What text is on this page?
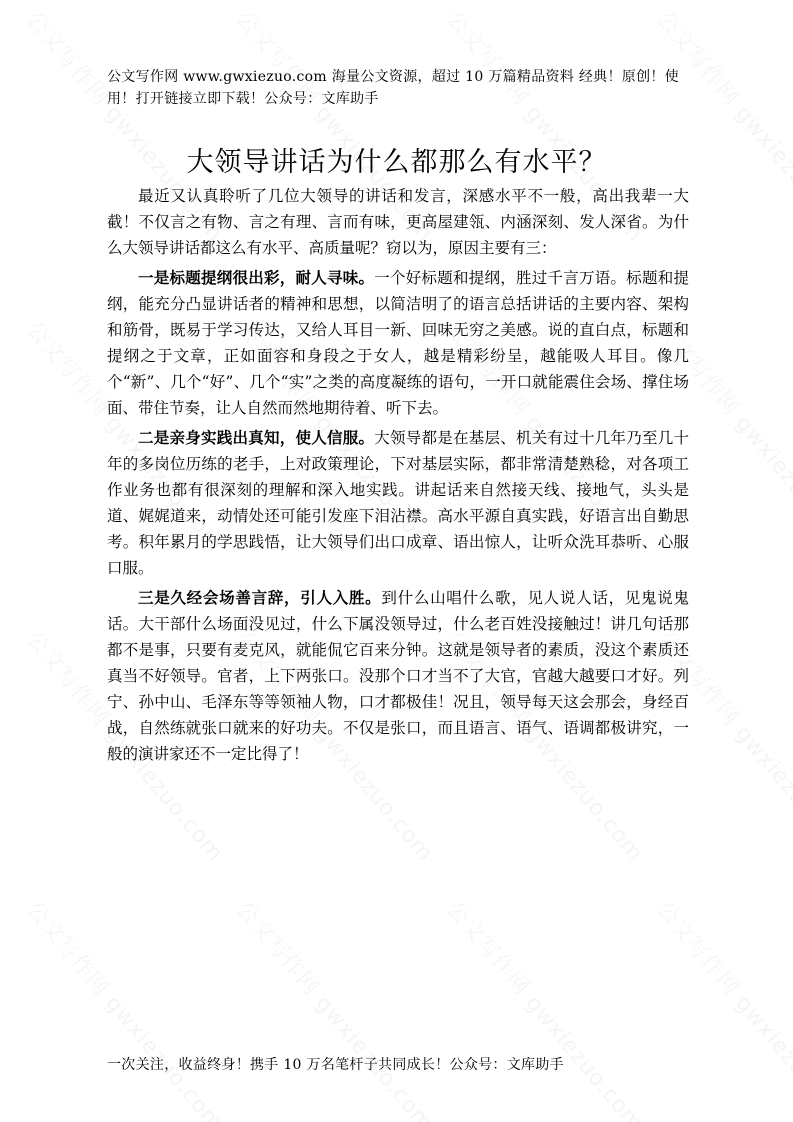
公文写作网 www.gwxiezuo.com 海量公文资源，超过 10 万篇精品资料 经典！原创！使用！打开链接立即下载！公众号：文库助手
大领导讲话为什么都那么有水平？

最近又认真聆听了几位大领导的讲话和发言，深感水平不一般，高出我辈一大截！不仅言之有物、言之有理、言而有味，更高屋建瓴、内涵深刻、发人深省。为什么大领导讲话都这么有水平、高质量呢？窃以为，原因主要有三：

一是标题提纲很出彩，耐人寻味。一个好标题和提纲，胜过千言万语。标题和提纲，能充分凸显讲话者的精神和思想，以简洁明了的语言总括讲话的主要内容、架构和筋骨，既易于学习传达，又给人耳目一新、回味无穷之美感。说的直白点，标题和提纲之于文章，正如面容和身段之于女人，越是精彩纷呈，越能吸人耳目。像几个“新”、几个“好”、几个“实”之类的高度凝练的语句，一开口就能震住会场、撑住场面、带住节奏，让人自然而然地期待着、听下去。

二是亲身实践出真知，使人信服。大领导都是在基层、机关有过十几年乃至几十年的多岗位历练的老手，上对政策理论，下对基层实际，都非常清楚熟稔，对各项工作业务也都有很深刻的理解和深入地实践。讲起话来自然接天线、接地气，头头是道、娓娓道来，动情处还可能引发座下泪沾襟。高水平源自真实践，好语言出自勤思考。积年累月的学思践悟，让大领导们出口成章、语出惊人，让听众洗耳恭听、心服口服。

三是久经会场善言辞，引人入胜。到什么山唱什么歌，见人说人话，见鬼说鬼话。大干部什么场面没见过，什么下属没领导过，什么老百姓没接触过！讲几句话那都不是事，只要有麦克风，就能侃它百来分钟。这就是领导者的素质，没这个素质还真当不好领导。官者，上下两张口。没那个口才当不了大官，官越大越要口才好。列宁、孙中山、毛泽东等等领袖人物，口才都极佳！况且，领导每天这会那会，身经百战，自然练就张口就来的好功夫。不仅是张口，而且语言、语气、语调都极讲究，一般的演讲家还不一定比得了！

一次关注，收益终身！携手 10 万名笔杆子共同成长！公众号：文库助手
